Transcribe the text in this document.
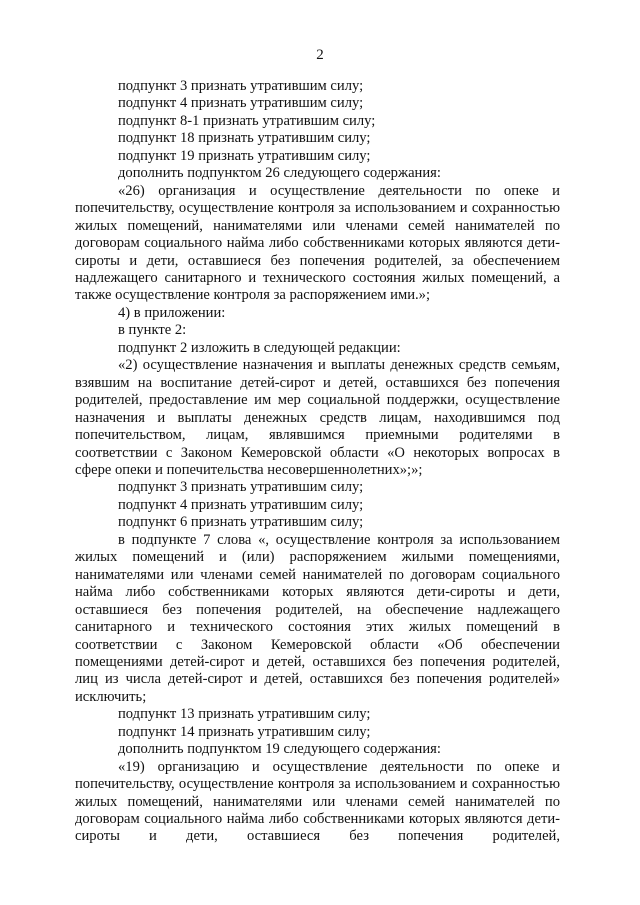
2

подпункт 3 признать утратившим силу;

подпункт 4 признать утратившим силу;

подпункт 8-1 признать утратившим силу;

подпункт 18 признать утратившим силу;

подпункт 19 признать утратившим силу;

дополнить подпунктом 26 следующего содержания:

«26) организация и осуществление деятельности по опеке и попечительству, осуществление контроля за использованием и сохранностью жилых помещений, нанимателями или членами семей нанимателей по договорам социального найма либо собственниками которых являются дети-сироты и дети, оставшиеся без попечения родителей, за обеспечением надлежащего санитарного и технического состояния жилых помещений, а также осуществление контроля за распоряжением ими.»;

4) в приложении:

в пункте 2:

подпункт 2 изложить в следующей редакции:

«2) осуществление назначения и выплаты денежных средств семьям, взявшим на воспитание детей-сирот и детей, оставшихся без попечения родителей, предоставление им мер социальной поддержки, осуществление назначения и выплаты денежных средств лицам, находившимся под попечительством, лицам, являвшимся приемными родителями в соответствии с Законом Кемеровской области «О некоторых вопросах в сфере опеки и попечительства несовершеннолетних»;»;

подпункт 3 признать утратившим силу;

подпункт 4 признать утратившим силу;

подпункт 6 признать утратившим силу;

в подпункте 7 слова «, осуществление контроля за использованием жилых помещений и (или) распоряжением жилыми помещениями, нанимателями или членами семей нанимателей по договорам социального найма либо собственниками которых являются дети-сироты и дети, оставшиеся без попечения родителей, на обеспечение надлежащего санитарного и технического состояния этих жилых помещений в соответствии с Законом Кемеровской области «Об обеспечении помещениями детей-сирот и детей, оставшихся без попечения родителей, лиц из числа детей-сирот и детей, оставшихся без попечения родителей» исключить;

подпункт 13 признать утратившим силу;

подпункт 14 признать утратившим силу;

дополнить подпунктом 19 следующего содержания:

«19) организацию и осуществление деятельности по опеке и попечительству, осуществление контроля за использованием и сохранностью жилых помещений, нанимателями или членами семей нанимателей по договорам социального найма либо собственниками которых являются дети-сироты и дети, оставшиеся без попечения родителей,
